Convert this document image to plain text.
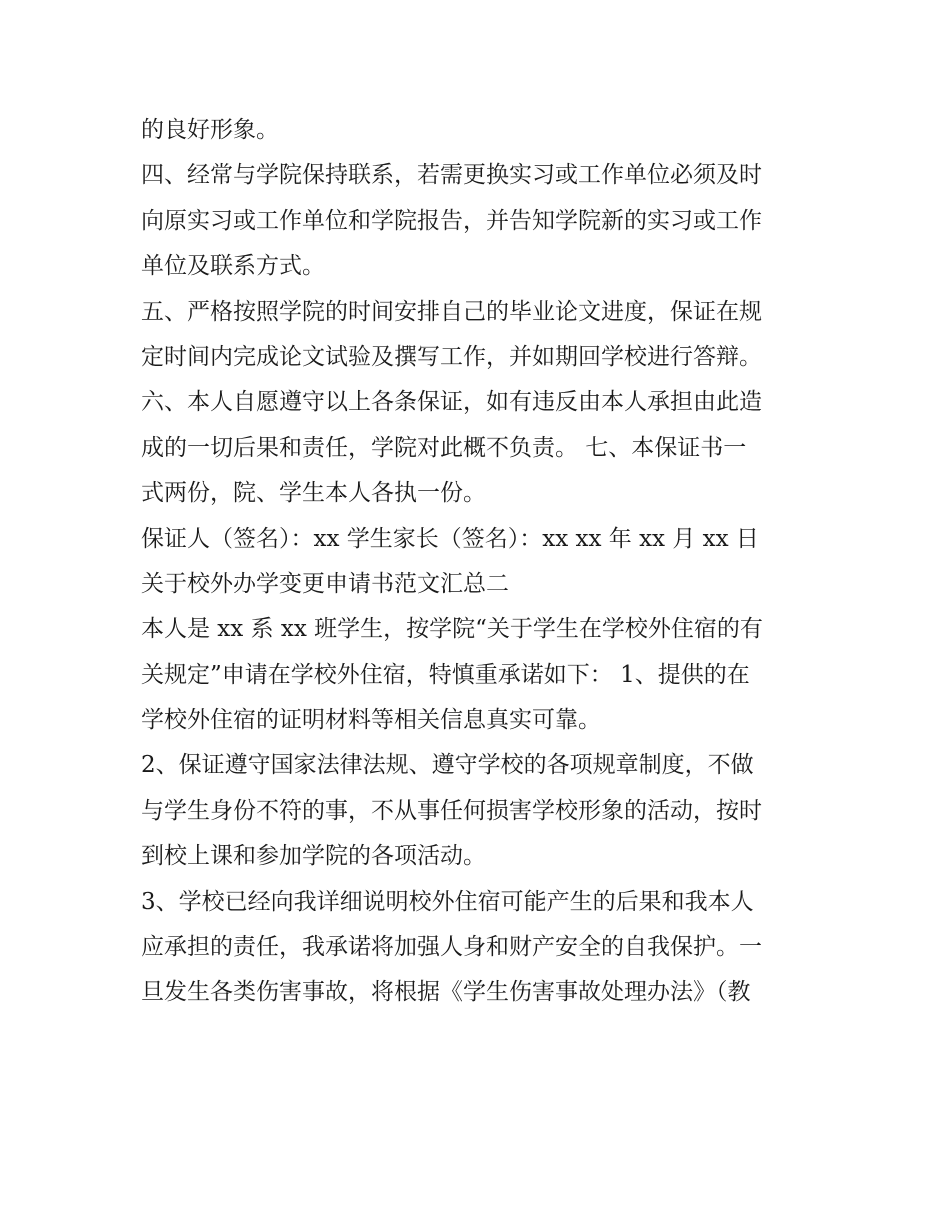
的良好形象。
四、经常与学院保持联系，若需更换实习或工作单位必须及时
向原实习或工作单位和学院报告，并告知学院新的实习或工作
单位及联系方式。
五、严格按照学院的时间安排自己的毕业论文进度，保证在规
定时间内完成论文试验及撰写工作，并如期回学校进行答辩。
六、本人自愿遵守以上各条保证，如有违反由本人承担由此造
成的一切后果和责任，学院对此概不负责。 七、本保证书一
式两份，院、学生本人各执一份。
保证人（签名）：xx 学生家长（签名）：xx xx 年 xx 月 xx 日
关于校外办学变更申请书范文汇总二
本人是 xx 系 xx 班学生，按学院“关于学生在学校外住宿的有
关规定”申请在学校外住宿，特慎重承诺如下： 1、提供的在
学校外住宿的证明材料等相关信息真实可靠。
2、保证遵守国家法律法规、遵守学校的各项规章制度，不做
与学生身份不符的事，不从事任何损害学校形象的活动，按时
到校上课和参加学院的各项活动。
3、学校已经向我详细说明校外住宿可能产生的后果和我本人
应承担的责任，我承诺将加强人身和财产安全的自我保护。一
旦发生各类伤害事故，将根据《学生伤害事故处理办法》（教
